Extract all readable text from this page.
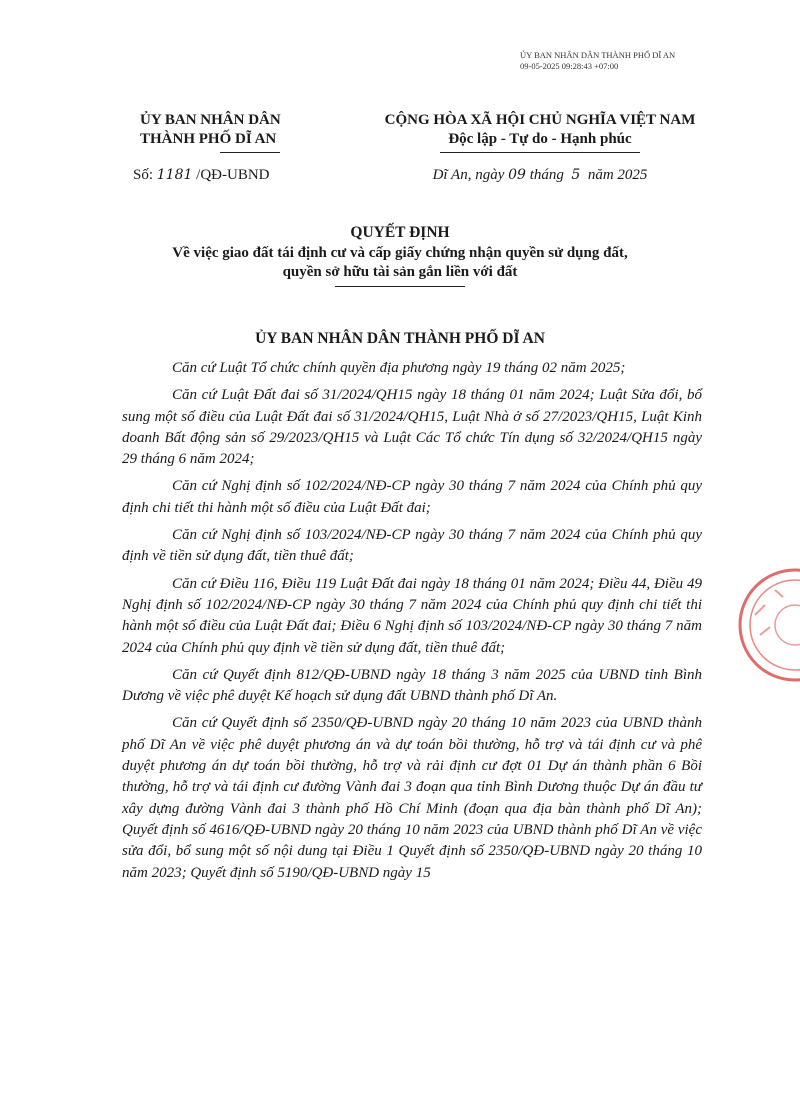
ỦY BAN NHÂN DÂN THÀNH PHỐ DĨ AN
09-05-2025 09:28:43 +07:00
ỦY BAN NHÂN DÂN
THÀNH PHỐ DĨ AN
Số: 1181 /QĐ-UBND
CỘNG HÒA XÃ HỘI CHỦ NGHĨA VIỆT NAM
Độc lập - Tự do - Hạnh phúc
Dĩ An, ngày 09 tháng 5 năm 2025
QUYẾT ĐỊNH
Về việc giao đất tái định cư và cấp giấy chứng nhận quyền sử dụng đất,
quyền sở hữu tài sản gắn liền với đất
ỦY BAN NHÂN DÂN THÀNH PHỐ DĨ AN

Căn cứ Luật Tổ chức chính quyền địa phương ngày 19 tháng 02 năm 2025;

Căn cứ Luật Đất đai số 31/2024/QH15 ngày 18 tháng 01 năm 2024; Luật Sửa đổi, bổ sung một số điều của Luật Đất đai số 31/2024/QH15, Luật Nhà ở số 27/2023/QH15, Luật Kinh doanh Bất động sản số 29/2023/QH15 và Luật Các Tổ chức Tín dụng số 32/2024/QH15 ngày 29 tháng 6 năm 2024;

Căn cứ Nghị định số 102/2024/NĐ-CP ngày 30 tháng 7 năm 2024 của Chính phủ quy định chi tiết thi hành một số điều của Luật Đất đai;

Căn cứ Nghị định số 103/2024/NĐ-CP ngày 30 tháng 7 năm 2024 của Chính phủ quy định về tiền sử dụng đất, tiền thuê đất;

Căn cứ Điều 116, Điều 119 Luật Đất đai ngày 18 tháng 01 năm 2024; Điều 44, Điều 49 Nghị định số 102/2024/NĐ-CP ngày 30 tháng 7 năm 2024 của Chính phủ quy định chi tiết thi hành một số điều của Luật Đất đai; Điều 6 Nghị định số 103/2024/NĐ-CP ngày 30 tháng 7 năm 2024 của Chính phủ quy định về tiền sử dụng đất, tiền thuê đất;

Căn cứ Quyết định 812/QĐ-UBND ngày 18 tháng 3 năm 2025 của UBND tỉnh Bình Dương về việc phê duyệt Kế hoạch sử dụng đất UBND thành phố Dĩ An.

Căn cứ Quyết định số 2350/QĐ-UBND ngày 20 tháng 10 năm 2023 của UBND thành phố Dĩ An về việc phê duyệt phương án và dự toán bồi thường, hỗ trợ và tái định cư và phê duyệt phương án dự toán bồi thường, hỗ trợ và rải định cư đợt 01 Dự án thành phần 6 Bồi thường, hỗ trợ và tái định cư đường Vành đai 3 đoạn qua tỉnh Bình Dương thuộc Dự án đầu tư xây dựng đường Vành đai 3 thành phố Hồ Chí Minh (đoạn qua địa bàn thành phố Dĩ An); Quyết định số 4616/QĐ-UBND ngày 20 tháng 10 năm 2023 của UBND thành phố Dĩ An về việc sửa đổi, bổ sung một số nội dung tại Điều 1 Quyết định số 2350/QĐ-UBND ngày 20 tháng 10 năm 2023; Quyết định số 5190/QĐ-UBND ngày 15
